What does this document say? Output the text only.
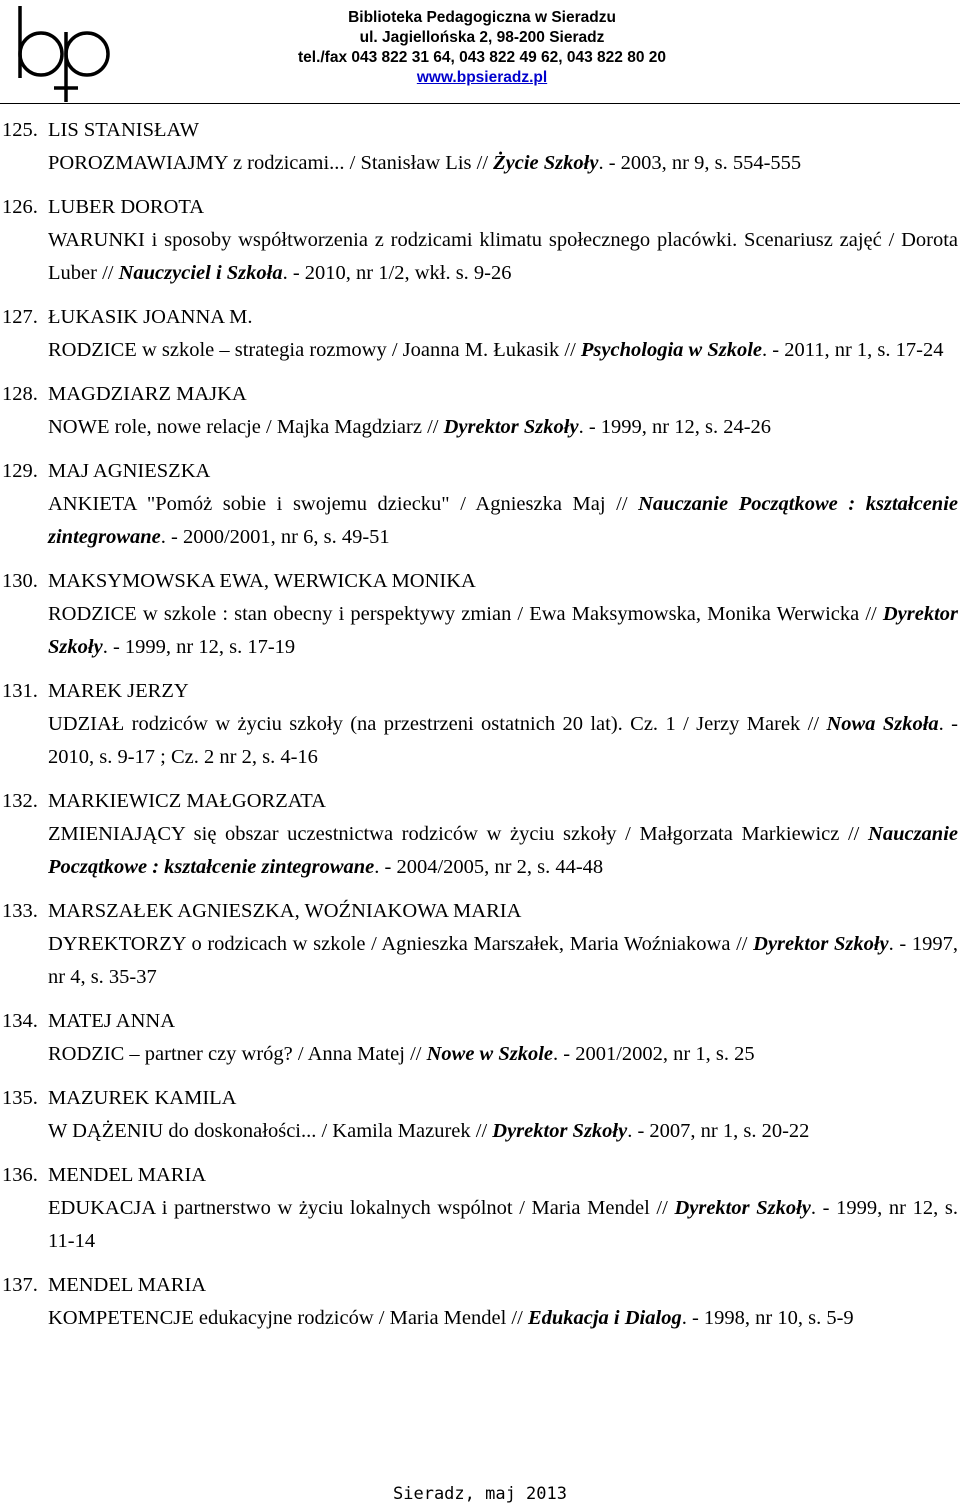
Biblioteka Pedagogiczna w Sieradzu
ul. Jagiellońska 2, 98-200 Sieradz
tel./fax 043 822 31 64, 043 822 49 62, 043 822 80 20
www.bpsieradz.pl
125. LIS STANISŁAW
POROZMAWIAJMY z rodzicami... / Stanisław Lis // Życie Szkoły. - 2003, nr 9, s. 554-555
126. LUBER DOROTA
WARUNKI i sposoby współtworzenia z rodzicami klimatu społecznego placówki. Scenariusz zajęć / Dorota Luber // Nauczyciel i Szkoła. - 2010, nr 1/2, wkł. s. 9-26
127. ŁUKASIK JOANNA M.
RODZICE w szkole – strategia rozmowy / Joanna M. Łukasik // Psychologia w Szkole. - 2011, nr 1, s. 17-24
128. MAGDZIARZ MAJKA
NOWE role, nowe relacje / Majka Magdziarz // Dyrektor Szkoły. - 1999, nr 12, s. 24-26
129. MAJ AGNIESZKA
ANKIETA "Pomóż sobie i swojemu dziecku" / Agnieszka Maj // Nauczanie Początkowe : kształcenie zintegrowane. - 2000/2001, nr 6, s. 49-51
130. MAKSYMOWSKA EWA, WERWICKA MONIKA
RODZICE w szkole : stan obecny i perspektywy zmian / Ewa Maksymowska, Monika Werwicka // Dyrektor Szkoły. - 1999, nr 12, s. 17-19
131. MAREK JERZY
UDZIAŁ rodziców w życiu szkoły (na przestrzeni ostatnich 20 lat). Cz. 1 / Jerzy Marek // Nowa Szkoła. - 2010, s. 9-17 ; Cz. 2 nr 2, s. 4-16
132. MARKIEWICZ MAŁGORZATA
ZMIENIAJĄCY się obszar uczestnictwa rodziców w życiu szkoły / Małgorzata Markiewicz // Nauczanie Początkowe : kształcenie zintegrowane. - 2004/2005, nr 2, s. 44-48
133. MARSZAŁEK AGNIESZKA, WOŹNIAKOWA MARIA
DYREKTORZY o rodzicach w szkole / Agnieszka Marszałek, Maria Woźniakowa // Dyrektor Szkoły. - 1997, nr 4, s. 35-37
134. MATEJ ANNA
RODZIC – partner czy wróg? / Anna Matej // Nowe w Szkole. - 2001/2002, nr 1, s. 25
135. MAZUREK KAMILA
W DĄŻENIU do doskonałości... / Kamila Mazurek // Dyrektor Szkoły. - 2007, nr 1, s. 20-22
136. MENDEL MARIA
EDUKACJA i partnerstwo w życiu lokalnych wspólnot / Maria Mendel // Dyrektor Szkoły. - 1999, nr 12, s. 11-14
137. MENDEL MARIA
KOMPETENCJE edukacyjne rodziców / Maria Mendel // Edukacja i Dialog. - 1998, nr 10, s. 5-9
Sieradz, maj 2013
